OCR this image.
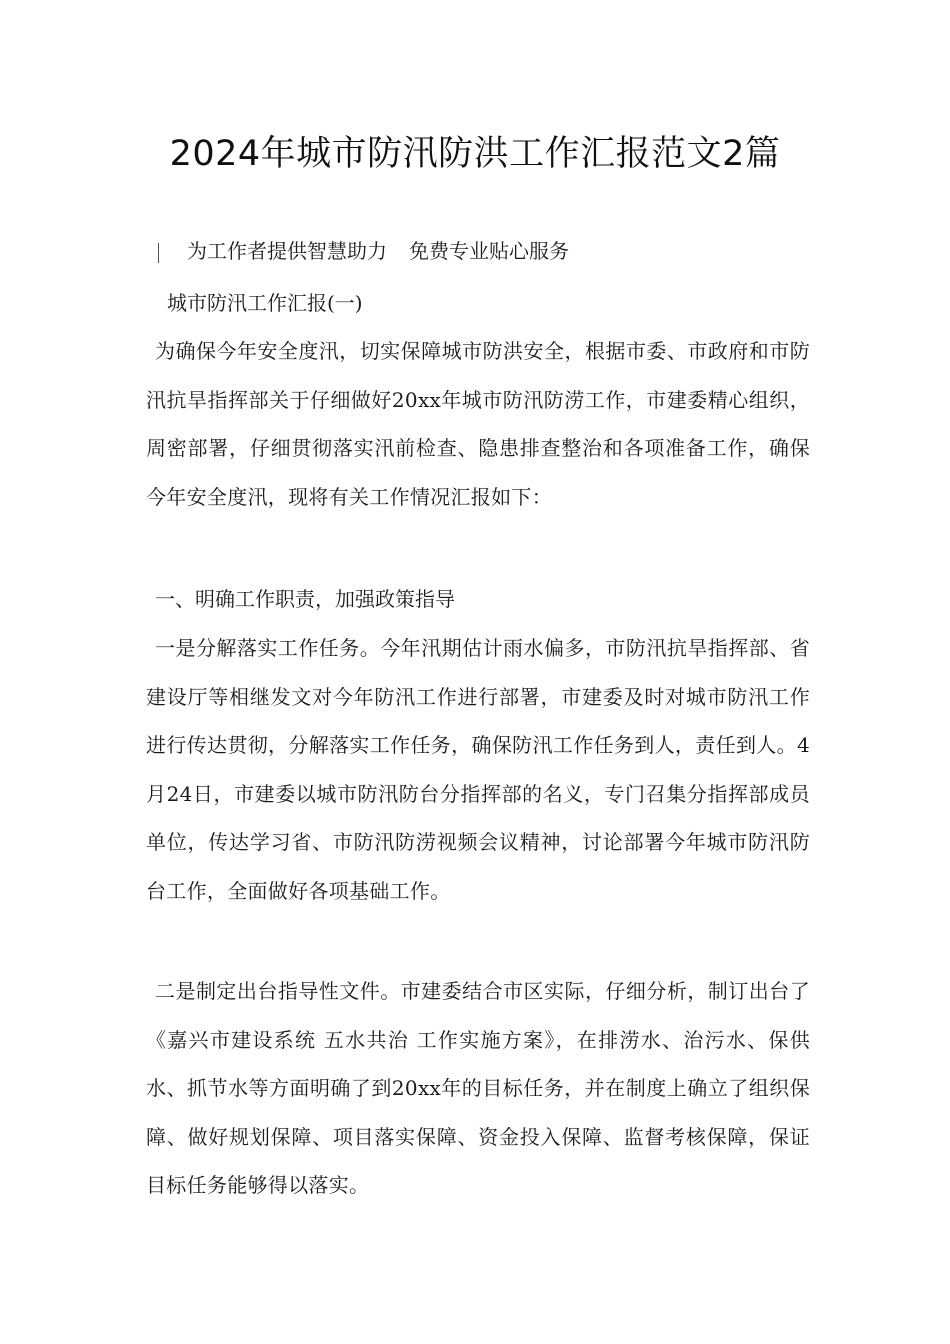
2024年城市防汛防洪工作汇报范文2篇
为工作者提供智慧助力 免费专业贴心服务
城市防汛工作汇报(一)
为确保今年安全度汛，切实保障城市防洪安全，根据市委、市政府和市防汛抗旱指挥部关于仔细做好20xx年城市防汛防涝工作，市建委精心组织，周密部署，仔细贯彻落实汛前检查、隐患排查整治和各项准备工作，确保今年安全度汛，现将有关工作情况汇报如下：
一、明确工作职责，加强政策指导
一是分解落实工作任务。今年汛期估计雨水偏多，市防汛抗旱指挥部、省建设厅等相继发文对今年防汛工作进行部署，市建委及时对城市防汛工作进行传达贯彻，分解落实工作任务，确保防汛工作任务到人，责任到人。4月24日，市建委以城市防汛防台分指挥部的名义，专门召集分指挥部成员单位，传达学习省、市防汛防涝视频会议精神，讨论部署今年城市防汛防台工作，全面做好各项基础工作。
二是制定出台指导性文件。市建委结合市区实际，仔细分析，制订出台了《嘉兴市建设系统 五水共治 工作实施方案》，在排涝水、治污水、保供水、抓节水等方面明确了到20xx年的目标任务，并在制度上确立了组织保障、做好规划保障、项目落实保障、资金投入保障、监督考核保障，保证目标任务能够得以落实。
